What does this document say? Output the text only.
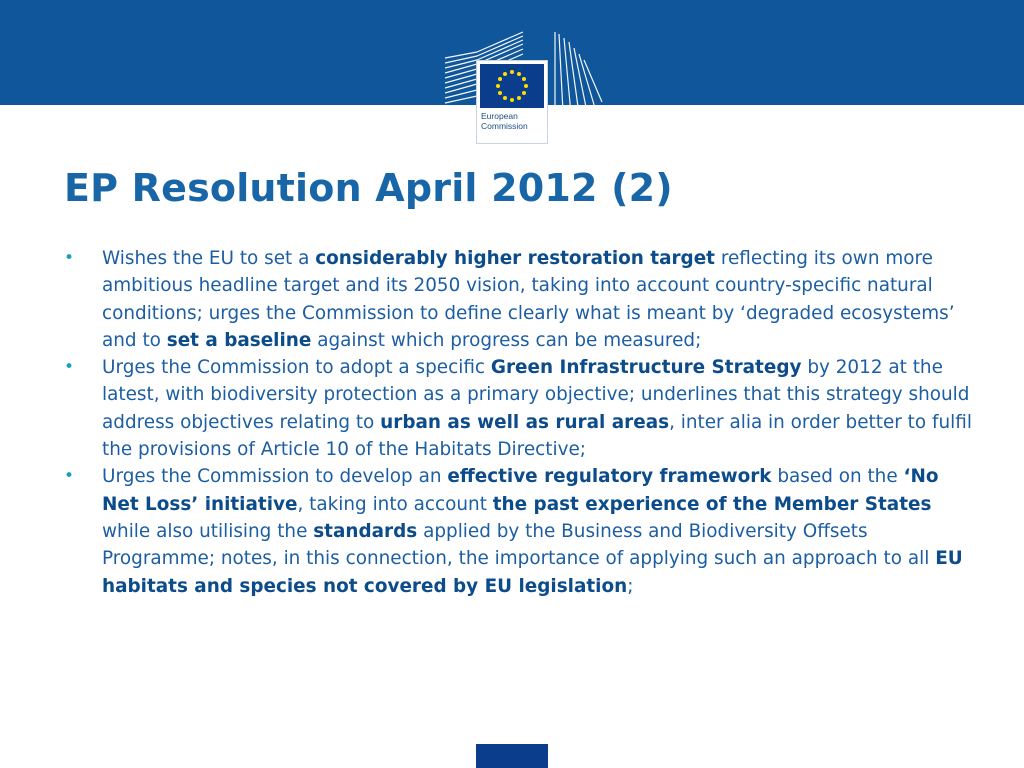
European
Commission
EP Resolution April 2012 (2)
• Wishes the EU to set a considerably higher restoration target reflecting its own more ambitious headline target and its 2050 vision, taking into account country-specific natural conditions; urges the Commission to define clearly what is meant by ‘degraded ecosystems’ and to set a baseline against which progress can be measured;
• Urges the Commission to adopt a specific Green Infrastructure Strategy by 2012 at the latest, with biodiversity protection as a primary objective; underlines that this strategy should address objectives relating to urban as well as rural areas, inter alia in order better to fulfil the provisions of Article 10 of the Habitats Directive;
• Urges the Commission to develop an effective regulatory framework based on the ‘No Net Loss’ initiative, taking into account the past experience of the Member States while also utilising the standards applied by the Business and Biodiversity Offsets Programme; notes, in this connection, the importance of applying such an approach to all EU habitats and species not covered by EU legislation;
